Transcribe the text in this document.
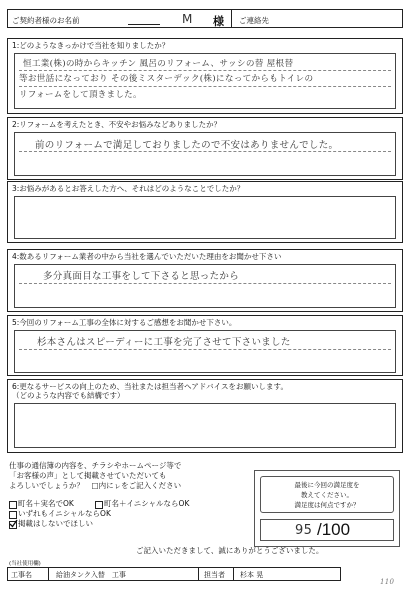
ご契約者様のお名前	M 様 ご連絡先
1:どのようなきっかけで当社を知りましたか？
恒工業(株)の時からキッチン 風呂のリフォーム、サッシの替 屋根替
等お世話になっており その後ミスターデック(株)になってからもトイレの
リフォームをして頂きました。
2:リフォームを考えたとき、不安やお悩みなどありましたか？
前のリフォームで満足しておりましたので不安はありませんでした。
3:お悩みがあるとお答えした方へ、それはどのようなことでしたか？
4:数あるリフォーム業者の中から当社を選んでいただいた理由をお聞かせ下さい
多分真面目な工事をして下さると思ったから
5:今回のリフォーム工事の全体に対するご感想をお聞かせ下さい。
杉本さんはスピーディーに工事を完了させて下さいました
6:更なるサービスの向上のため、当社または担当者へアドバイスをお願いします。
（どのような内容でも結構です）
仕事の通信簿の内容を、チラシやホームページ等で
「お客様の声」として掲載させていただいても
よろしいでしょうか？　□内にㇾをご記入ください
町名＋実名でOK	町名＋イニシャルならOK
いずれもイニシャルならOK
掲載はしないでほしい
最後に今回の満足度を
教えてください。
満足度は何点ですか？
95 /100
ご記入いただきまして、誠にありがとうございました。
(当社使用欄)
工事名	給油タンク入替　工事	担当者 杉本 晃
110
